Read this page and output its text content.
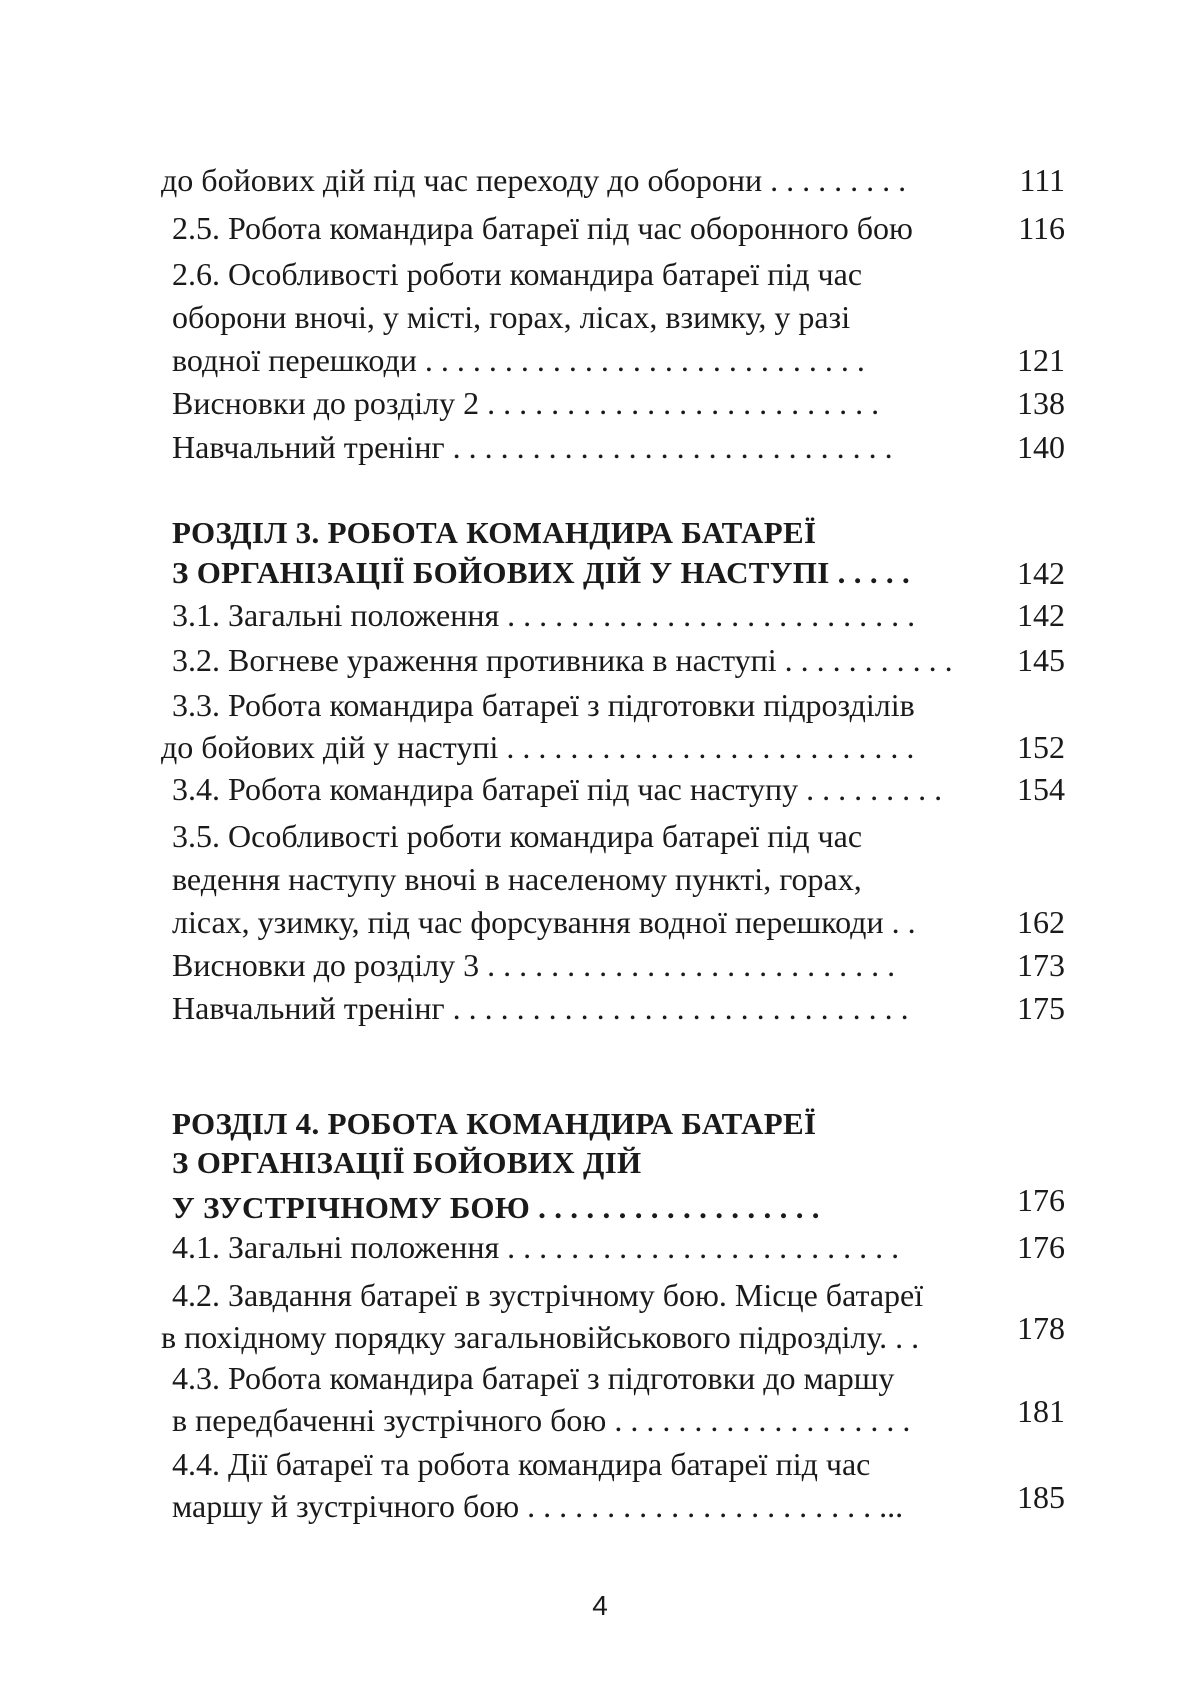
до бойових дій під час переходу до оборони . . . . . . . . .	111
2.5. Робота командира батареї під час оборонного бою	116
2.6. Особливості роботи командира батареї під час
оборони вночі, у місті, горах, лісах, взимку, у разі
водної перешкоди . . . . . . . . . . . . . . . . . . . . . . . . . . . .	121
Висновки до розділу 2 . . . . . . . . . . . . . . . . . . . . . . . . .	138
Навчальний тренінг . . . . . . . . . . . . . . . . . . . . . . . . . . . .	140
РОЗДІЛ 3. РОБОТА КОМАНДИРА БАТАРЕЇ
З ОРГАНІЗАЦІЇ БОЙОВИХ ДІЙ У НАСТУПІ . . . . .	142
3.1. Загальні положення . . . . . . . . . . . . . . . . . . . . . . . . . .	142
3.2. Вогневе ураження противника в наступі . . . . . . . . . . .	145
3.3. Робота командира батареї з підготовки підрозділів
до бойових дій у наступі . . . . . . . . . . . . . . . . . . . . . . . . . .	152
3.4. Робота командира батареї під час наступу . . . . . . . . .	154
3.5. Особливості роботи командира батареї під час
ведення наступу вночі в населеному пункті, горах,
лісах, узимку, під час форсування водної перешкоди . .	162
Висновки до розділу 3 . . . . . . . . . . . . . . . . . . . . . . . . . .	173
Навчальний тренінг . . . . . . . . . . . . . . . . . . . . . . . . . . . . .	175
РОЗДІЛ 4. РОБОТА КОМАНДИРА БАТАРЕЇ
З ОРГАНІЗАЦІЇ БОЙОВИХ ДІЙ
У ЗУСТРІЧНОМУ БОЮ . . . . . . . . . . . . . . . . . .	176
4.1. Загальні положення . . . . . . . . . . . . . . . . . . . . . . . . .	176
4.2. Завдання батареї в зустрічному бою. Місце батареї
в похідному порядку загальновійськового підрозділу. . .	178
4.3. Робота командира батареї з підготовки до маршу
в передбаченні зустрічного бою . . . . . . . . . . . . . . . . . . .	181
4.4. Дії батареї та робота командира батареї під час
маршу й зустрічного бою . . . . . . . . . . . . . . . . . . . . . . ...	185
4
